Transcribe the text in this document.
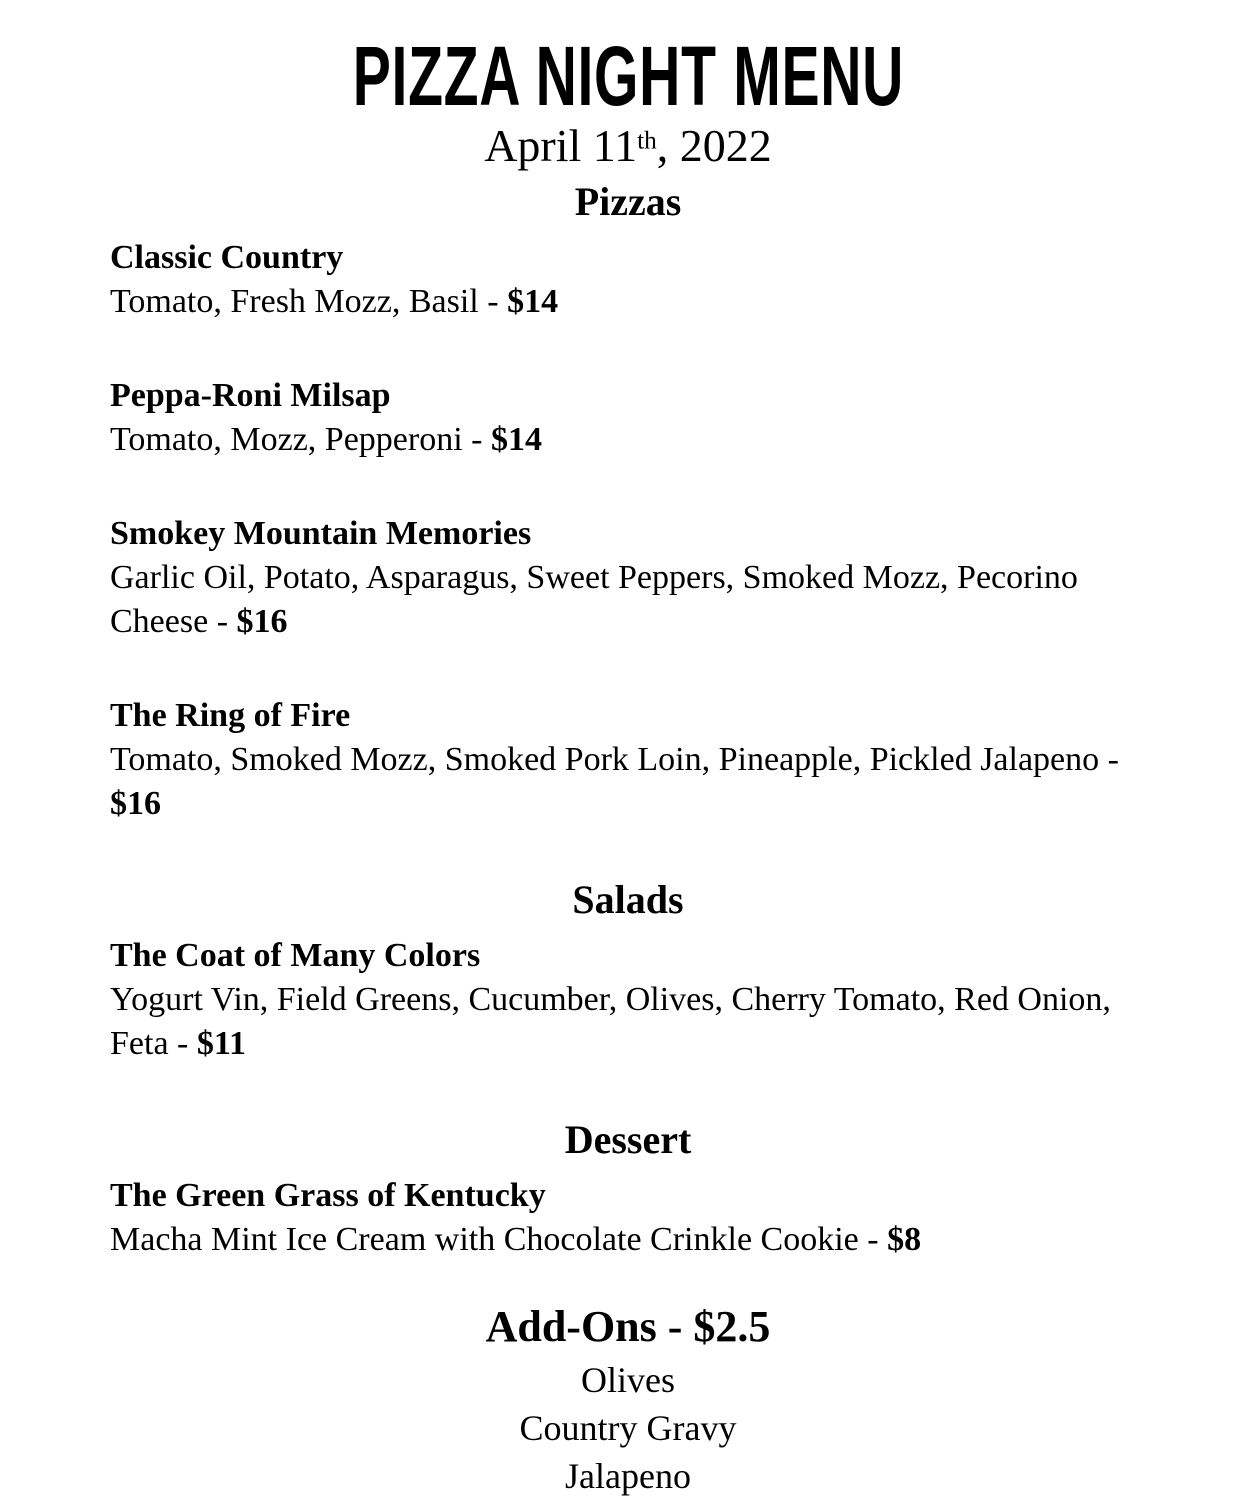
PIZZA NIGHT MENU
April 11th, 2022
Pizzas
Classic Country
Tomato, Fresh Mozz, Basil - $14
Peppa-Roni Milsap
Tomato, Mozz, Pepperoni - $14
Smokey Mountain Memories
Garlic Oil, Potato, Asparagus, Sweet Peppers, Smoked Mozz, Pecorino Cheese - $16
The Ring of Fire
Tomato, Smoked Mozz, Smoked Pork Loin, Pineapple, Pickled Jalapeno - $16
Salads
The Coat of Many Colors
Yogurt Vin, Field Greens, Cucumber, Olives, Cherry Tomato, Red Onion, Feta - $11
Dessert
The Green Grass of Kentucky
Macha Mint Ice Cream with Chocolate Crinkle Cookie - $8
Add-Ons - $2.5
Olives
Country Gravy
Jalapeno
